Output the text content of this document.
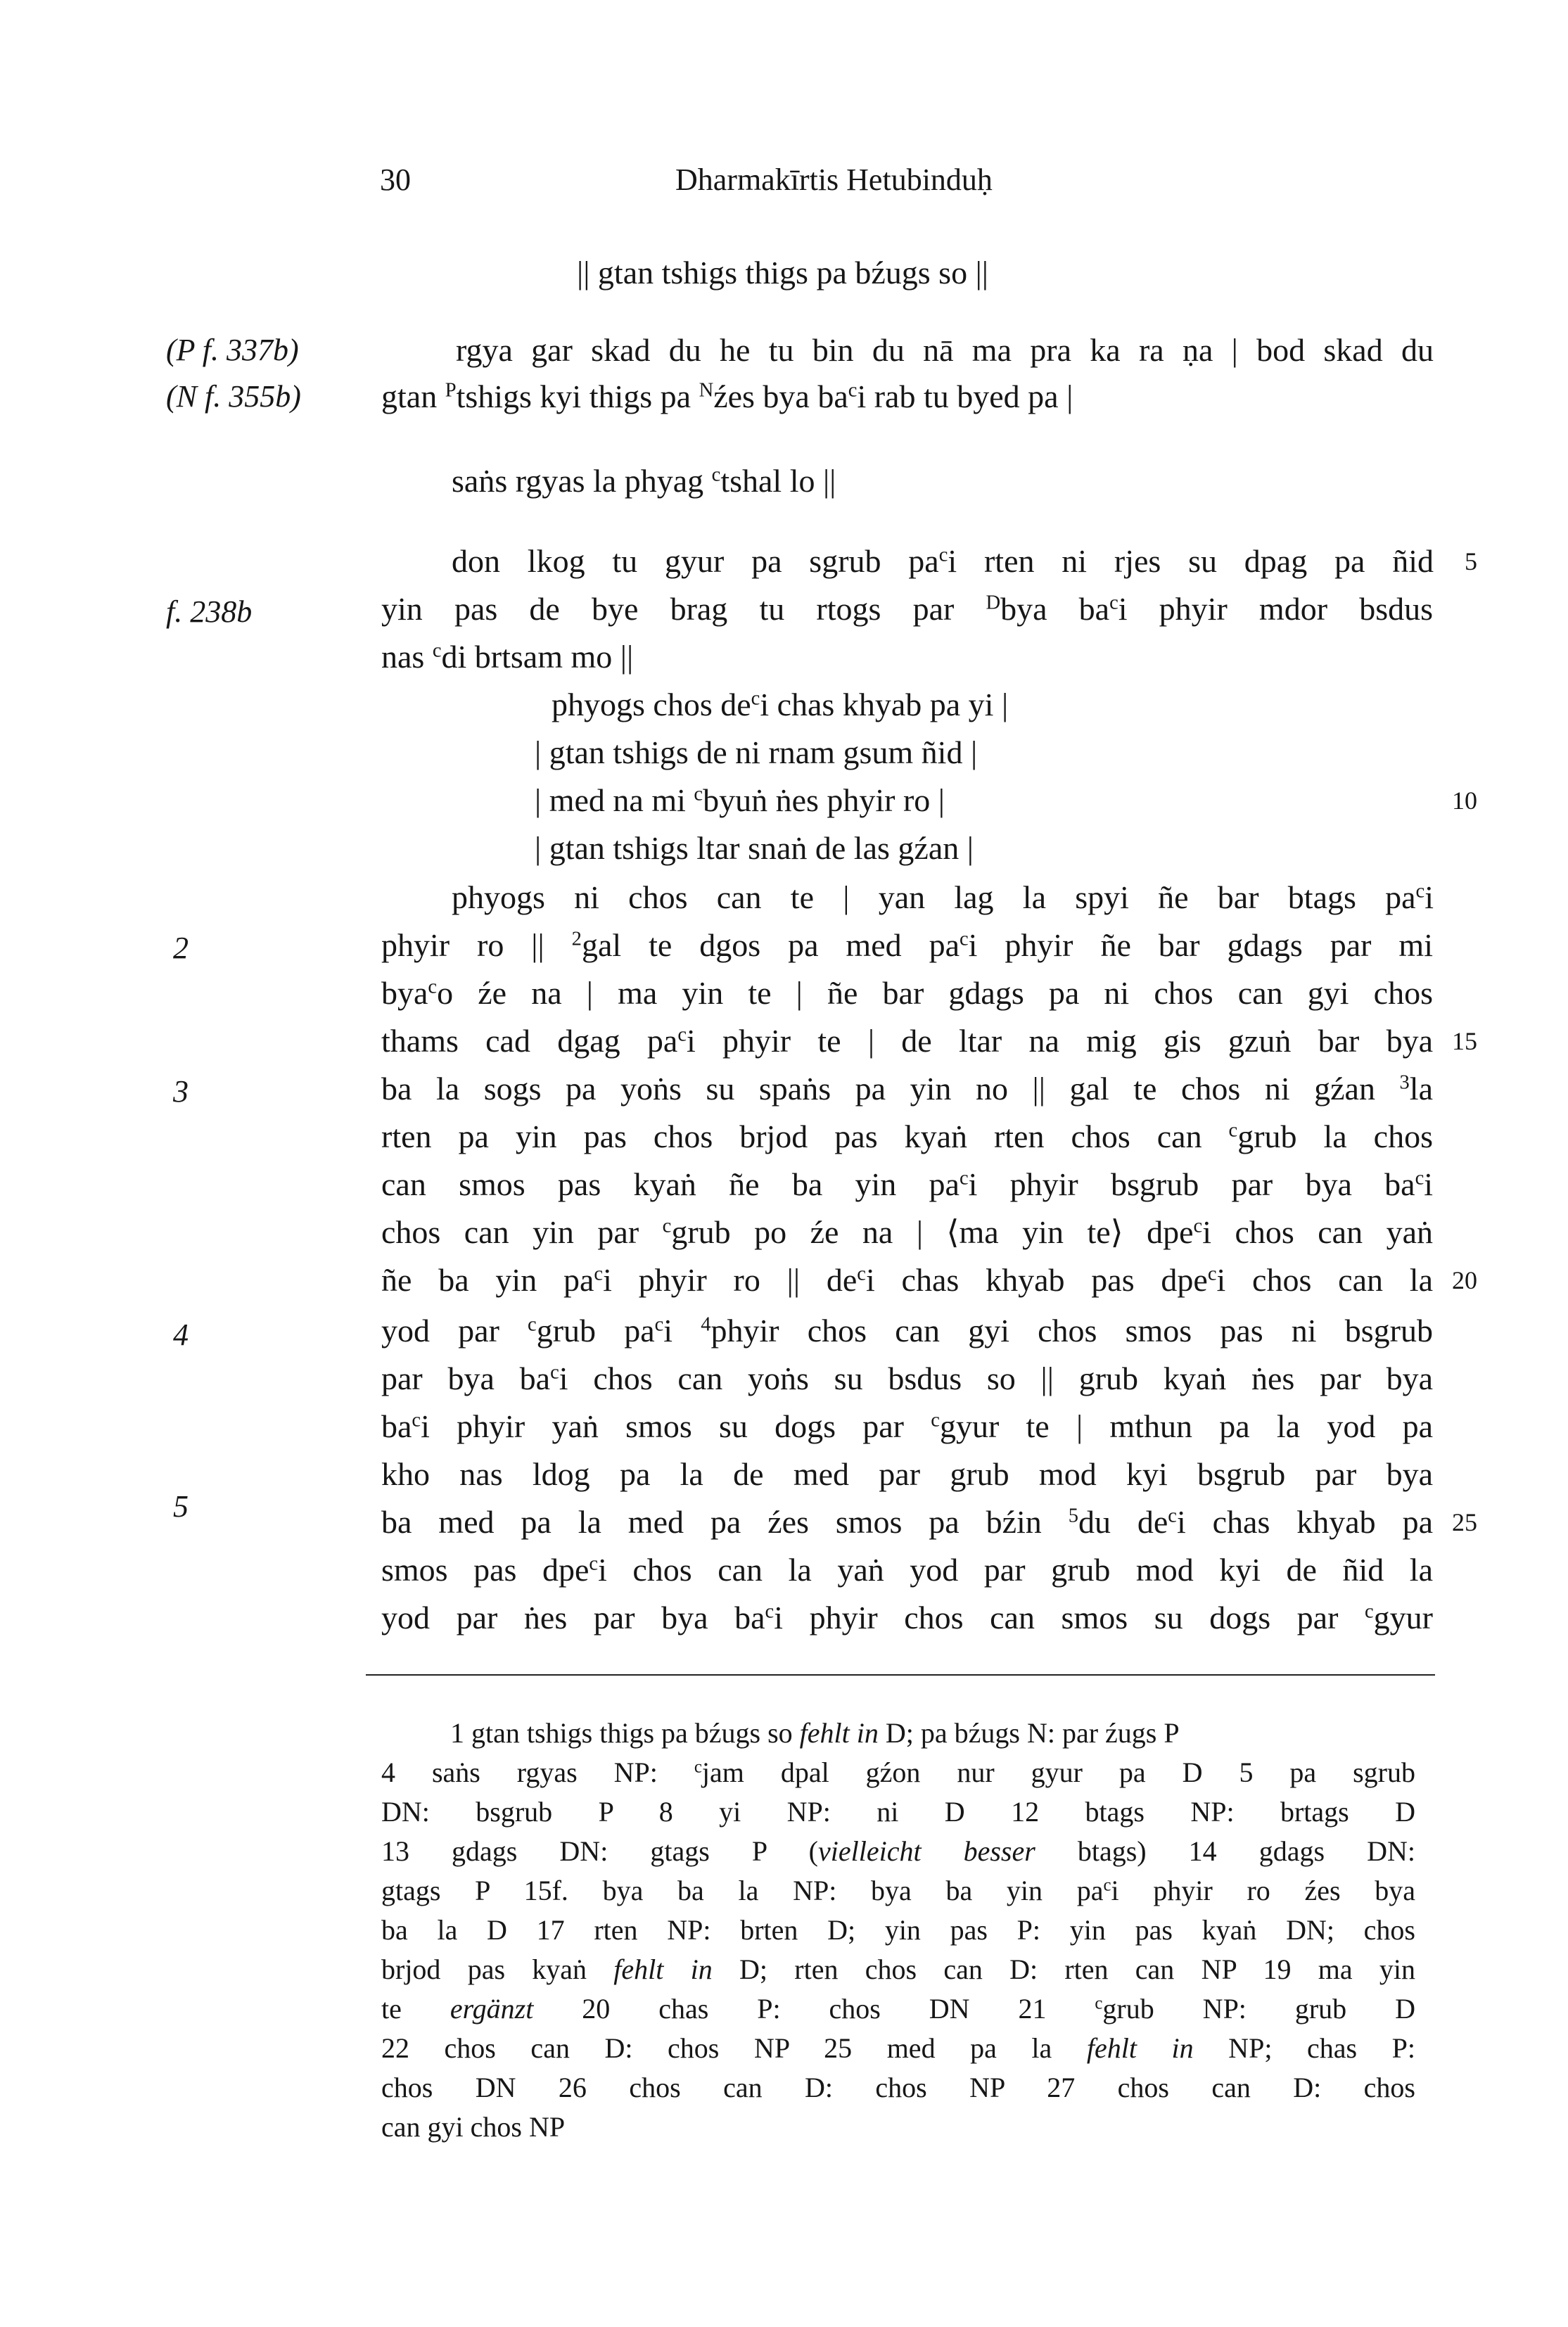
30	Dharmakīrtis Hetubinduḥ
|| gtan tshigs thigs pa bźugs so ||
(P f. 337b)
(N f. 355b)
f. 238b
2
3
4
5
rgya gar skad du he tu bin du nā ma pra ka ra ṇa | bod skad du
gtan $^P$tshigs kyi thigs pa $^N$źes bya $ba^ci$ rab tu byed pa |
saṅs rgyas la phyag $^c$tshal lo ||
don lkog tu gyur pa sgrub $pa^ci$ rten ni rjes su dpag pa ñid	5
yin pas de bye brag tu rtogs par $^D$bya $ba^ci$ phyir mdor bsdus
nas $^c$di brtsam mo ||
phyogs chos $de^ci$ chas khyab pa yi |
| gtan tshigs de ni rnam gsum ñid |
| med na mi $^c$byuṅ ṅes phyir ro |	10
| gtan tshigs ltar snaṅ de las gźan |
phyogs ni chos can te | yan lag la spyi ñe bar btags $pa^ci$
phyir ro || $^2$gal te dgos pa med $pa^ci$ phyir ñe bar gdags par mi
bya$^c$o źe na | ma yin te | ñe bar gdags pa ni chos can gyi chos
thams cad dgag $pa^ci$ phyir te | de ltar na mig gis gzuṅ bar bya 15
ba la sogs pa yoṅs su spaṅs pa yin no || gal te chos ni gźan $^3$la
rten pa yin pas chos brjod pas kyaṅ rten chos can $^c$grub la chos
can smos pas kyaṅ ñe ba yin $pa^ci$ phyir bsgrub par bya $ba^ci$
chos can yin par $^c$grub po źe na | ⟨ma yin te⟩ dpe$^c$i chos can yaṅ
ñe ba yin $pa^ci$ phyir ro || $de^ci$ chas khyab pas dpe$^c$i chos can la 20
yod par $^c$grub $pa^ci$ $^4$phyir chos can gyi chos smos pas ni bsgrub
par bya $ba^ci$ chos can yoṅs su bsdus so || grub kyaṅ ṅes par bya
$ba^ci$ phyir yaṅ smos su dogs par $^c$gyur te | mthun pa la yod pa
kho nas ldog pa la de med par grub mod kyi bsgrub par bya
ba med pa la med pa źes smos pa bźin $^5$du $de^ci$ chas khyab pa 25
smos pas dpe$^c$i chos can la yaṅ yod par grub mod kyi de ñid la
yod par ṅes par bya $ba^ci$ phyir chos can smos su dogs par $^c$gyur
1 gtan tshigs thigs pa bźugs so fehlt in D; pa bźugs N: par źugs P
4 saṅs rgyas NP: $^c$jam dpal gźon nur gyur pa D 5 pa sgrub
DN: bsgrub P 8 yi NP: ni D 12 btags NP: brtags D
13 gdags DN: gtags P (vielleicht besser btags) 14 gdags DN:
gtags P 15f. bya ba la NP: bya ba yin $pa^ci$ phyir ro źes bya
ba la D 17 rten NP: brten D; yin pas P: yin pas kyaṅ DN; chos
brjod pas kyaṅ fehlt in D; rten chos can D: rten can NP 19 ma yin
te ergänzt 20 chas P: chos DN 21 $^c$grub NP: grub D
22 chos can D: chos NP 25 med pa la fehlt in NP; chas P:
chos DN 26 chos can D: chos NP 27 chos can D: chos
can gyi chos NP
